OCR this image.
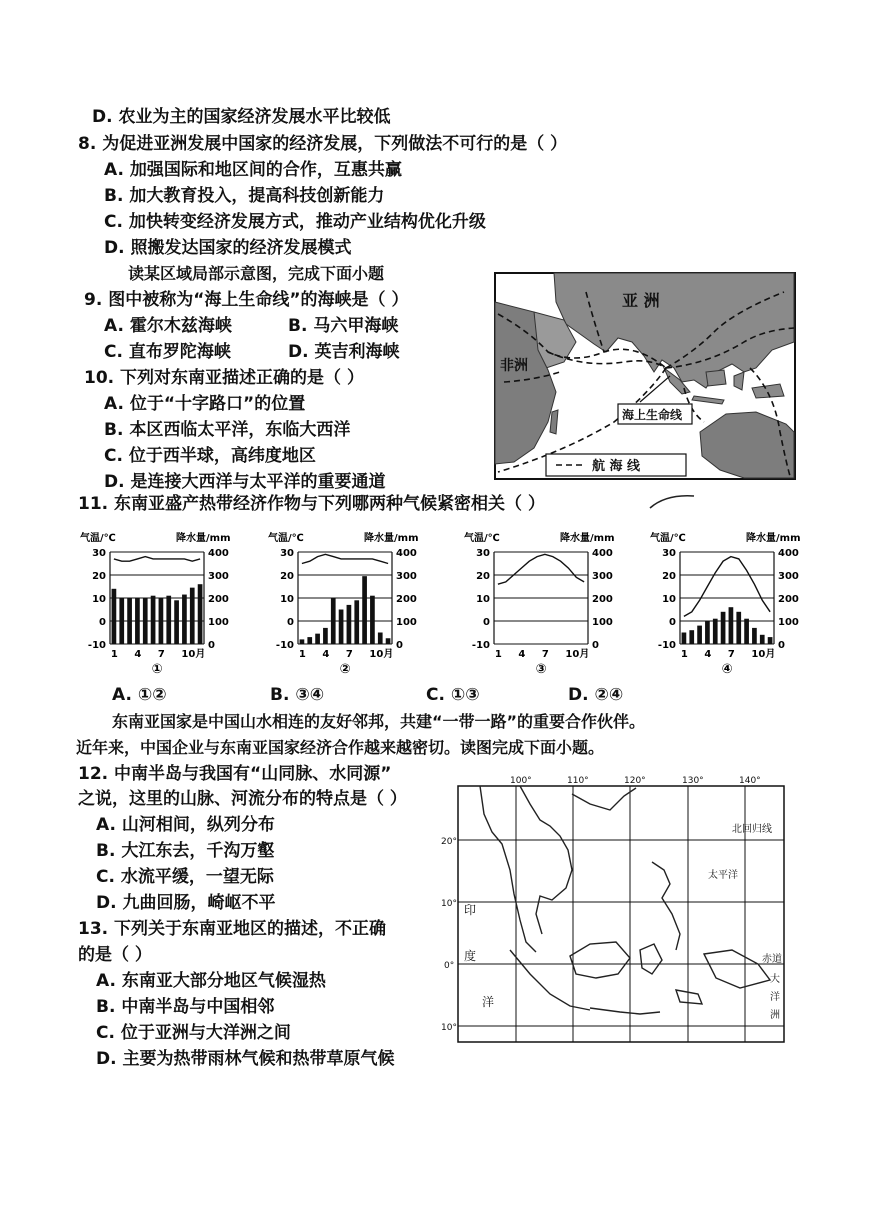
D. 农业为主的国家经济发展水平比较低
8. 为促进亚洲发展中国家的经济发展，下列做法不可行的是（ ）
A. 加强国际和地区间的合作，互惠共赢
B. 加大教育投入，提高科技创新能力
C. 加快转变经济发展方式，推动产业结构优化升级
D. 照搬发达国家的经济发展模式
读某区域局部示意图，完成下面小题
9. 图中被称为“海上生命线”的海峡是（ ）
A. 霍尔木兹海峡	B. 马六甲海峡
C. 直布罗陀海峡	D. 英吉利海峡
10. 下列对东南亚描述正确的是（ ）
A. 位于“十字路口”的位置
B. 本区西临太平洋，东临大西洋
C. 位于西半球，高纬度地区
D. 是连接大西洋与太平洋的重要通道
亚 洲
非洲
海上生命线
航 海 线
11. 东南亚盛产热带经济作物与下列哪两种气候紧密相关（ ）
气温/℃	降水量/mm
30	400
20	300
10	200
0	100
-10	0
1 4 7 10月
①
气温/℃	降水量/mm
30	400
20	300
10	200
0	100
-10	0
1 4 7 10月
②
气温/℃	降水量/mm
30	400
20	300
10	200
0	100
-10	0
1 4 7 10月
③
气温/℃	降水量/mm
30	400
20	300
10	200
0	100
-10	0
1 4 7 10月
④
A. ①②	B. ③④	C. ①③	D. ②④
东南亚国家是中国山水相连的友好邻邦，共建“一带一路”的重要合作伙伴。
近年来，中国企业与东南亚国家经济合作越来越密切。读图完成下面小题。
12. 中南半岛与我国有“山同脉、水同源”
之说，这里的山脉、河流分布的特点是（ ）
A. 山河相间，纵列分布
B. 大江东去，千沟万壑
C. 水流平缓，一望无际
D. 九曲回肠，崎岖不平
13. 下列关于东南亚地区的描述，不正确
的是（ ）
A. 东南亚大部分地区气候湿热
B. 中南半岛与中国相邻
C. 位于亚洲与大洋洲之间
D. 主要为热带雨林气候和热带草原气候
100°	110°	120°	130°	140°
20°
10°
0°
10°
北回归线
太平洋
印
度
洋
赤道
大
洋
洲
